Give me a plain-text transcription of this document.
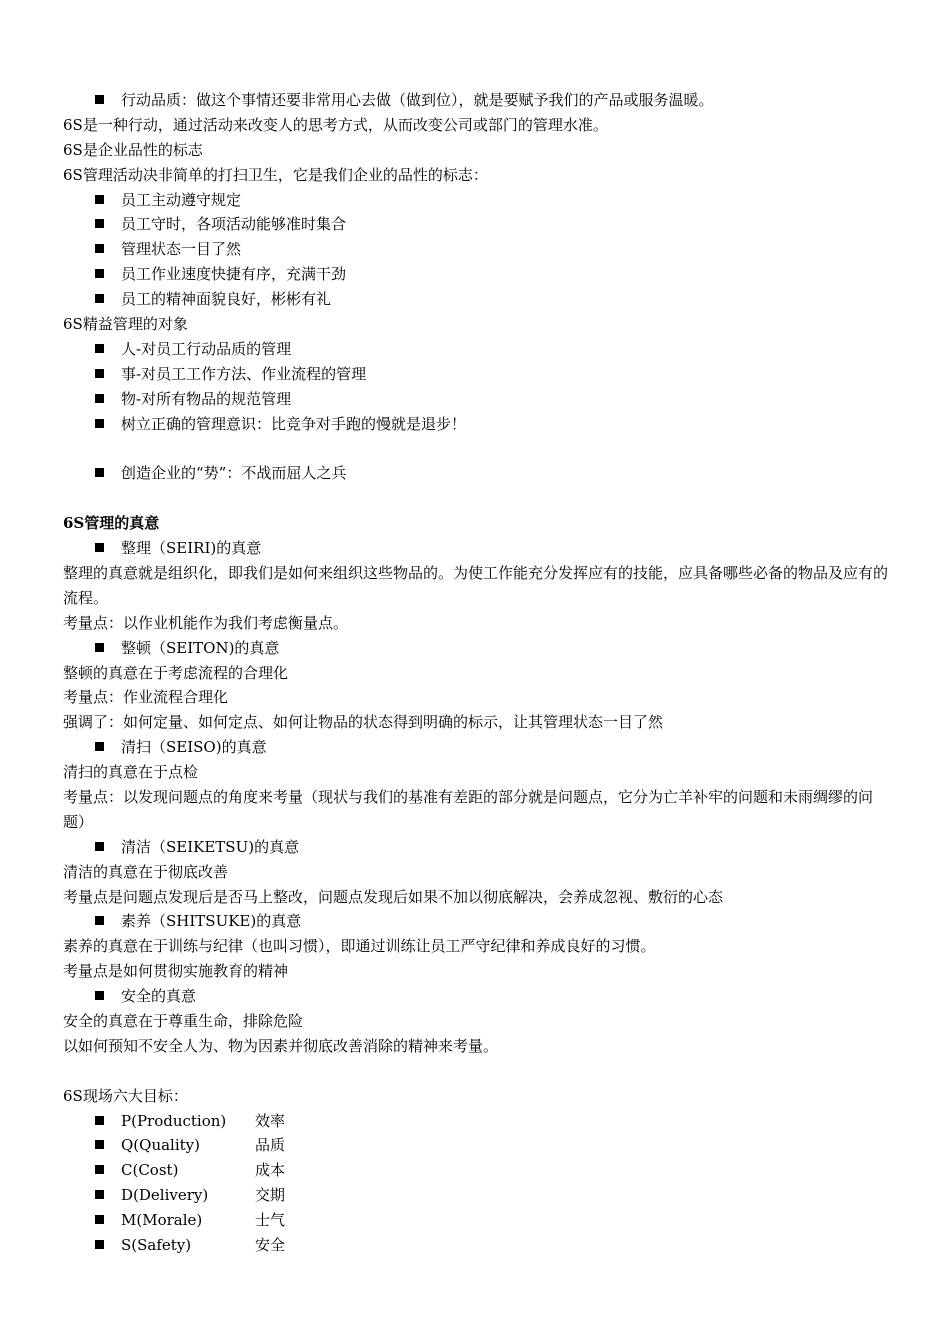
行动品质：做这个事情还要非常用心去做（做到位），就是要赋予我们的产品或服务温暖。
6S是一种行动，通过活动来改变人的思考方式，从而改变公司或部门的管理水准。
6S是企业品性的标志
6S管理活动决非简单的打扫卫生，它是我们企业的品性的标志：
员工主动遵守规定
员工守时，各项活动能够准时集合
管理状态一目了然
员工作业速度快捷有序，充满干劲
员工的精神面貌良好，彬彬有礼
6S精益管理的对象
人-对员工行动品质的管理
事-对员工工作方法、作业流程的管理
物-对所有物品的规范管理
树立正确的管理意识：比竞争对手跑的慢就是退步！
创造企业的“势”：不战而屈人之兵
6S管理的真意
整理（SEIRI)的真意
整理的真意就是组织化，即我们是如何来组织这些物品的。为使工作能充分发挥应有的技能，应具备哪些必备的物品及应有的流程。
考量点：以作业机能作为我们考虑衡量点。
整顿（SEITON)的真意
整顿的真意在于考虑流程的合理化
考量点：作业流程合理化
强调了：如何定量、如何定点、如何让物品的状态得到明确的标示，让其管理状态一目了然
清扫（SEISO)的真意
清扫的真意在于点检
考量点：以发现问题点的角度来考量（现状与我们的基准有差距的部分就是问题点，它分为亡羊补牢的问题和未雨绸缪的问题）
清洁（SEIKETSU)的真意
清洁的真意在于彻底改善
考量点是问题点发现后是否马上整改，问题点发现后如果不加以彻底解决，会养成忽视、敷衍的心态
素养（SHITSUKE)的真意
素养的真意在于训练与纪律（也叫习惯），即通过训练让员工严守纪律和养成良好的习惯。
考量点是如何贯彻实施教育的精神
安全的真意
安全的真意在于尊重生命，排除危险
以如何预知不安全人为、物为因素并彻底改善消除的精神来考量。
6S现场六大目标：
P(Production) 效率
Q(Quality)	品质
C(Cost)	成本
D(Delivery)	交期
M(Morale)	士气
S(Safety)	安全
